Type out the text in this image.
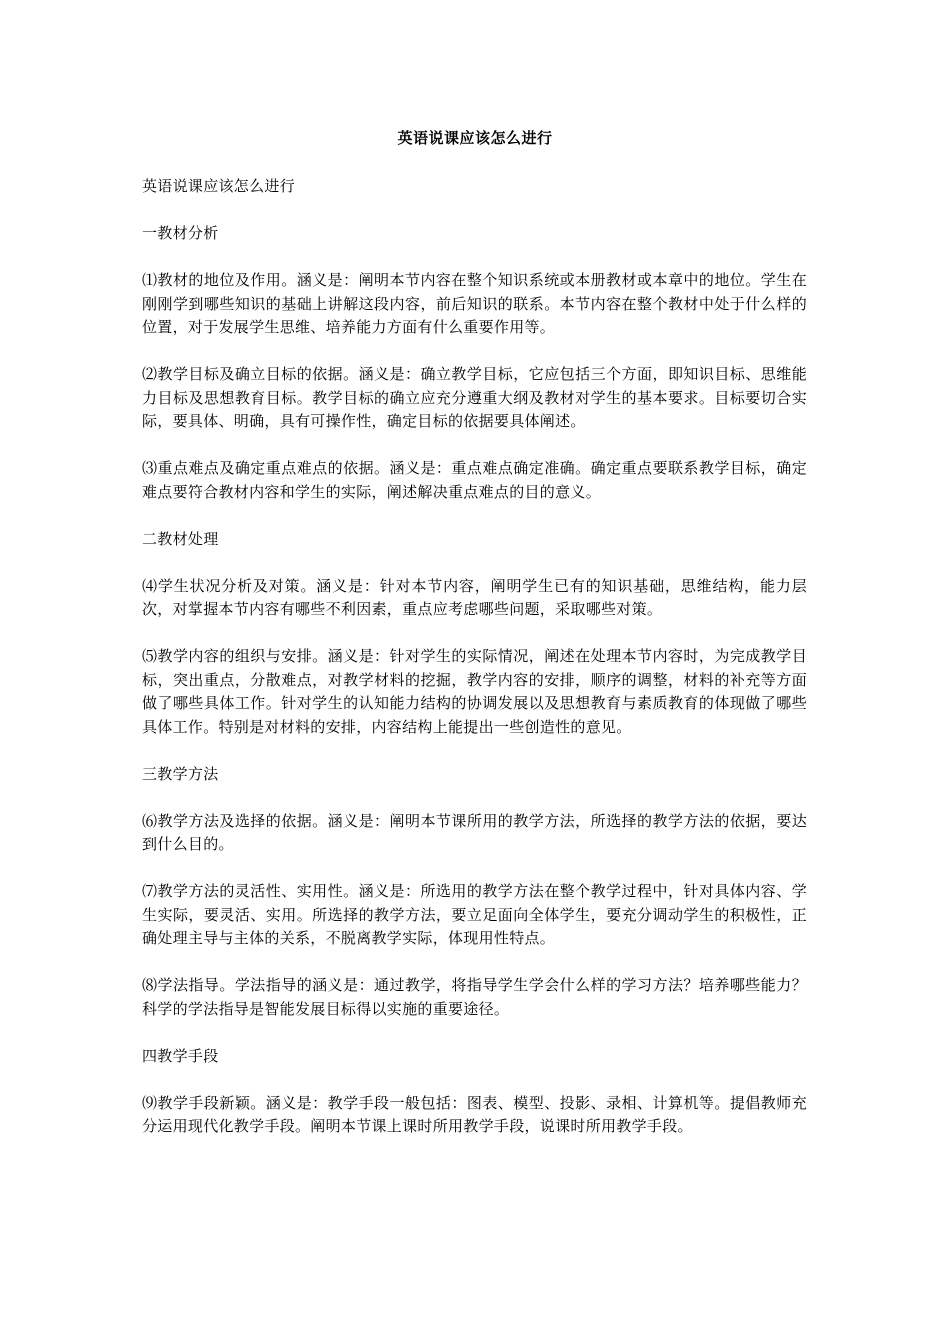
英语说课应该怎么进行

英语说课应该怎么进行

一教材分析

⑴教材的地位及作用。涵义是：阐明本节内容在整个知识系统或本册教材或本章中的地位。学生在刚刚学到哪些知识的基础上讲解这段内容，前后知识的联系。本节内容在整个教材中处于什么样的位置，对于发展学生思维、培养能力方面有什么重要作用等。

⑵教学目标及确立目标的依据。涵义是：确立教学目标，它应包括三个方面，即知识目标、思维能力目标及思想教育目标。教学目标的确立应充分遵重大纲及教材对学生的基本要求。目标要切合实际，要具体、明确，具有可操作性，确定目标的依据要具体阐述。

⑶重点难点及确定重点难点的依据。涵义是：重点难点确定准确。确定重点要联系教学目标，确定难点要符合教材内容和学生的实际，阐述解决重点难点的目的意义。

二教材处理

⑷学生状况分析及对策。涵义是：针对本节内容，阐明学生已有的知识基础，思维结构，能力层次，对掌握本节内容有哪些不利因素，重点应考虑哪些问题，采取哪些对策。

⑸教学内容的组织与安排。涵义是：针对学生的实际情况，阐述在处理本节内容时，为完成教学目标，突出重点，分散难点，对教学材料的挖掘，教学内容的安排，顺序的调整，材料的补充等方面做了哪些具体工作。针对学生的认知能力结构的协调发展以及思想教育与素质教育的体现做了哪些具体工作。特别是对材料的安排，内容结构上能提出一些创造性的意见。

三教学方法

⑹教学方法及选择的依据。涵义是：阐明本节课所用的教学方法，所选择的教学方法的依据，要达到什么目的。

⑺教学方法的灵活性、实用性。涵义是：所选用的教学方法在整个教学过程中，针对具体内容、学生实际，要灵活、实用。所选择的教学方法，要立足面向全体学生，要充分调动学生的积极性，正确处理主导与主体的关系，不脱离教学实际，体现用性特点。

⑻学法指导。学法指导的涵义是：通过教学，将指导学生学会什么样的学习方法？培养哪些能力？科学的学法指导是智能发展目标得以实施的重要途径。

四教学手段

⑼教学手段新颖。涵义是：教学手段一般包括：图表、模型、投影、录相、计算机等。提倡教师充分运用现代化教学手段。阐明本节课上课时所用教学手段，说课时所用教学手段。
